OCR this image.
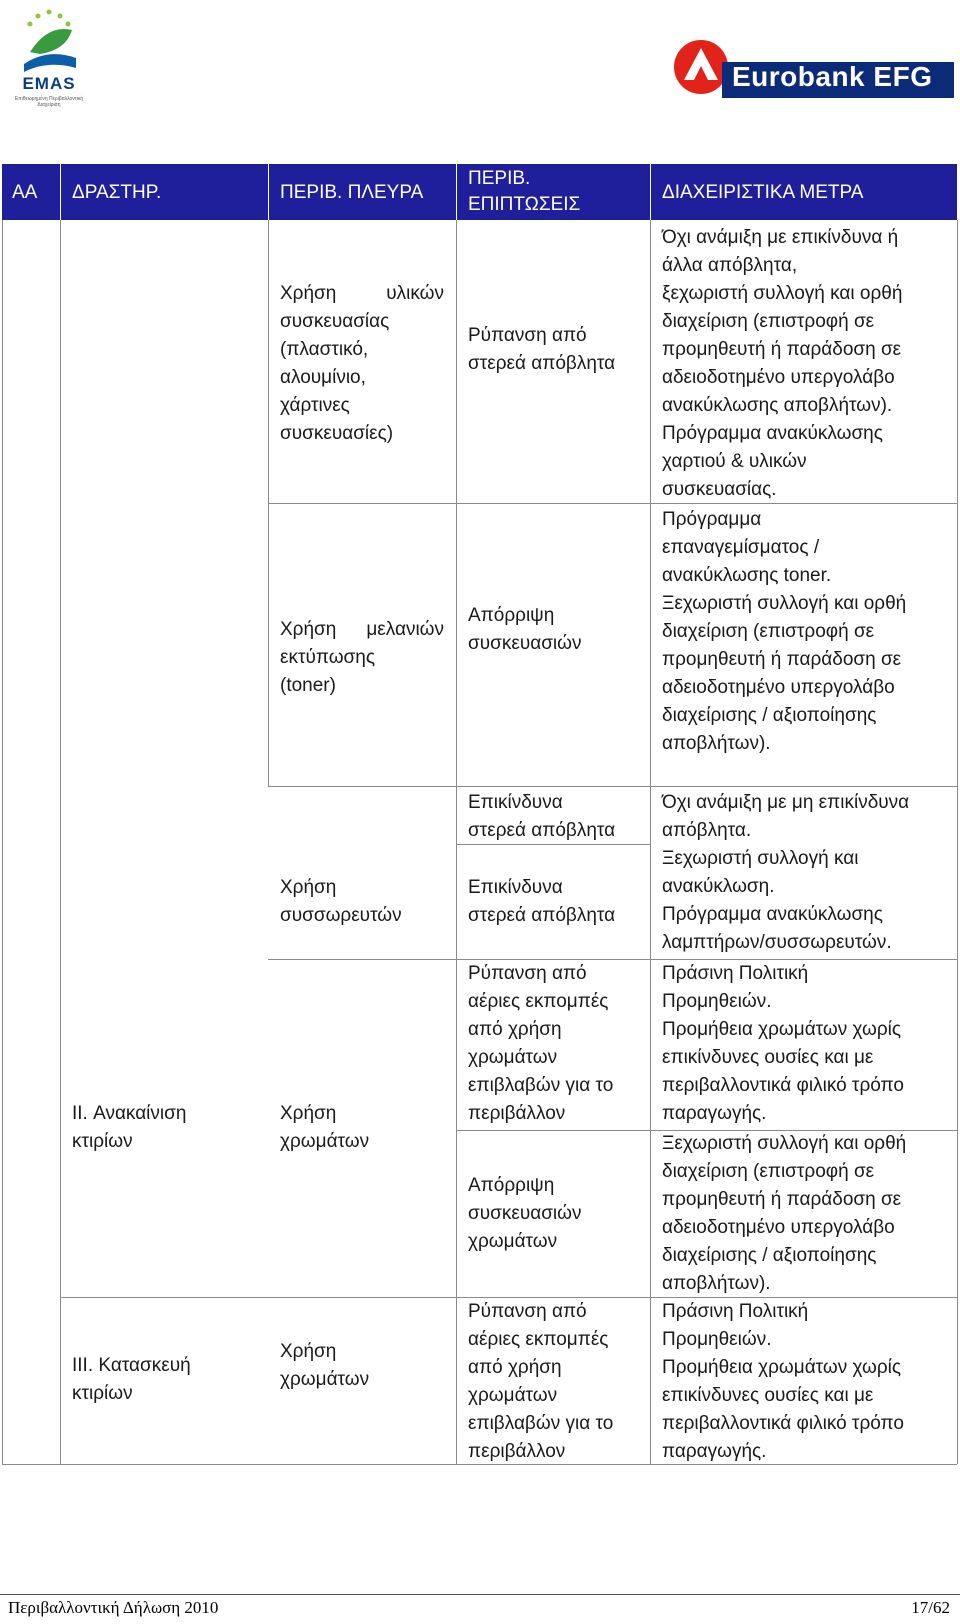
EMAS
Επιθεωρημένη Περιβαλλοντική Διαχείριση
Eurobank EFG
ΑΑ ΔΡΑΣΤΗΡ.	ΠΕΡΙΒ. ΠΛΕΥΡΑ
ΠΕΡΙΒ.
ΕΠΙΠΤΩΣΕΙΣ
ΔΙΑΧΕΙΡΙΣΤΙΚΑ ΜΕΤΡΑ
Χρήση υλικών
συσκευασίας
(πλαστικό,
αλουμίνιο,
χάρτινες
συσκευασίες)
Ρύπανση από
στερεά απόβλητα
Όχι ανάμιξη με επικίνδυνα ή
άλλα απόβλητα,
ξεχωριστή συλλογή και ορθή
διαχείριση (επιστροφή σε
προμηθευτή ή παράδοση σε
αδειοδοτημένο υπεργολάβο
ανακύκλωσης αποβλήτων).
Πρόγραμμα ανακύκλωσης
χαρτιού & υλικών
συσκευασίας.
Χρήση μελανιών
εκτύπωσης
(toner)
Απόρριψη
συσκευασιών
Πρόγραμμα
επαναγεμίσματος /
ανακύκλωσης toner.
Ξεχωριστή συλλογή και ορθή
διαχείριση (επιστροφή σε
προμηθευτή ή παράδοση σε
αδειοδοτημένο υπεργολάβο
διαχείρισης / αξιοποίησης
αποβλήτων).
Χρήση
συσσωρευτών
Επικίνδυνα
στερεά απόβλητα
Επικίνδυνα
στερεά απόβλητα
Όχι ανάμιξη με μη επικίνδυνα
απόβλητα.
Ξεχωριστή συλλογή και
ανακύκλωση.
Πρόγραμμα ανακύκλωσης
λαμπτήρων/συσσωρευτών.
II. Ανακαίνιση
κτιρίων
Χρήση
χρωμάτων
Ρύπανση από
αέριες εκπομπές
από χρήση
χρωμάτων
επιβλαβών για το
περιβάλλον
Πράσινη Πολιτική
Προμηθειών.
Προμήθεια χρωμάτων χωρίς
επικίνδυνες ουσίες και με
περιβαλλοντικά φιλικό τρόπο
παραγωγής.
Απόρριψη
συσκευασιών
χρωμάτων
Ξεχωριστή συλλογή και ορθή
διαχείριση (επιστροφή σε
προμηθευτή ή παράδοση σε
αδειοδοτημένο υπεργολάβο
διαχείρισης / αξιοποίησης
αποβλήτων).
III. Κατασκευή
κτιρίων
Χρήση
χρωμάτων
Ρύπανση από
αέριες εκπομπές
από χρήση
χρωμάτων
επιβλαβών για το
περιβάλλον
Πράσινη Πολιτική
Προμηθειών.
Προμήθεια χρωμάτων χωρίς
επικίνδυνες ουσίες και με
περιβαλλοντικά φιλικό τρόπο
παραγωγής.
Περιβαλλοντική Δήλωση 2010	17/62
